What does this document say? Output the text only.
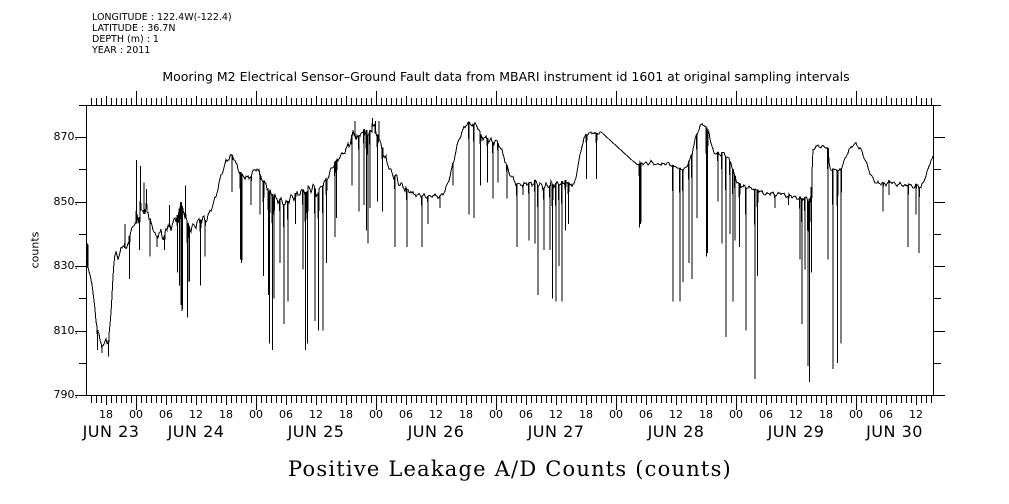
LONGITUDE : 122.4W(-122.4)
LATITUDE : 36.7N
DEPTH (m) : 1
YEAR : 2011
Mooring M2 Electrical Sensor–Ground Fault data from MBARI instrument id 1601 at original sampling intervals
counts
870.
850.
830.
810.
790.
18 00 06 12 18 00 06 12 18 00 06 12 18 00 06 12 18 00 06 12 18 00 06 12 18 00 06 12
JUN 23 JUN 24	JUN 25	JUN 26	JUN 27	JUN 28	JUN 29	JUN 30
Positive Leakage A/D Counts (counts)
